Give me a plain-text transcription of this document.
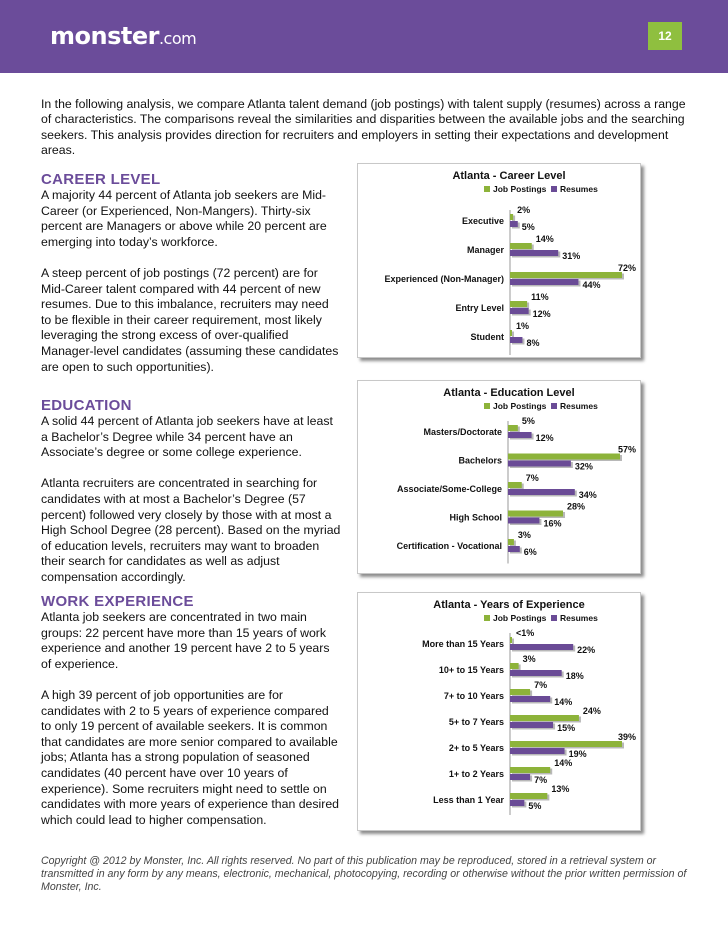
monster.com	12
In the following analysis, we compare Atlanta talent demand (job postings) with talent supply (resumes) across a range of characteristics. The comparisons reveal the similarities and disparities between the available jobs and the searching seekers. This analysis provides direction for recruiters and employers in setting their expectations and development areas.
CAREER LEVEL

A majority 44 percent of Atlanta job seekers are Mid-Career (or Experienced, Non-Mangers). Thirty-six percent are Managers or above while 20 percent are emerging into today’s workforce.

A steep percent of job postings (72 percent) are for Mid-Career talent compared with 44 percent of new resumes. Due to this imbalance, recruiters may need to be flexible in their career requirement, most likely leveraging the strong excess of over-qualified Manager-level candidates (assuming these candidates are open to such opportunities).

EDUCATION

A solid 44 percent of Atlanta job seekers have at least a Bachelor’s Degree while 34 percent have an Associate’s degree or some college experience.

Atlanta recruiters are concentrated in searching for candidates with at most a Bachelor’s Degree (57 percent) followed very closely by those with at most a High School Degree (28 percent). Based on the myriad of education levels, recruiters may want to broaden their search for candidates as well as adjust compensation accordingly.

WORK EXPERIENCE

Atlanta job seekers are concentrated in two main groups: 22 percent have more than 15 years of work experience and another 19 percent have 2 to 5 years of experience.

A high 39 percent of job opportunities are for candidates with 2 to 5 years of experience compared to only 19 percent of available seekers. It is common that candidates are more senior compared to available jobs; Atlanta has a strong population of seasoned candidates (40 percent have over 10 years of experience). Some recruiters might need to settle on candidates with more years of experience than desired which could lead to higher compensation.

Atlanta - Career Level
Job Postings Resumes
Executive
2%
5%
Manager
14%
31%
Experienced (Non-Manager)
72%
44%
Entry Level
11%
12%
Student
1%
8%
Atlanta - Education Level
Job Postings Resumes
Masters/Doctorate
5%
12%
Bachelors
57%
32%
Associate/Some-College
7%
34%
High School
28%
16%
Certification - Vocational
3%
6%
Atlanta - Years of Experience
Job Postings Resumes
More than 15 Years
<1%
22%
10+ to 15 Years
3%
18%
7+ to 10 Years
7%
14%
5+ to 7 Years
24%
15%
2+ to 5 Years
39%
19%
1+ to 2 Years
14%
7%
Less than 1 Year
13%
5%
Copyright @ 2012 by Monster, Inc. All rights reserved. No part of this publication may be reproduced, stored in a retrieval system or transmitted in any form by any means, electronic, mechanical, photocopying, recording or otherwise without the prior written permission of Monster, Inc.
